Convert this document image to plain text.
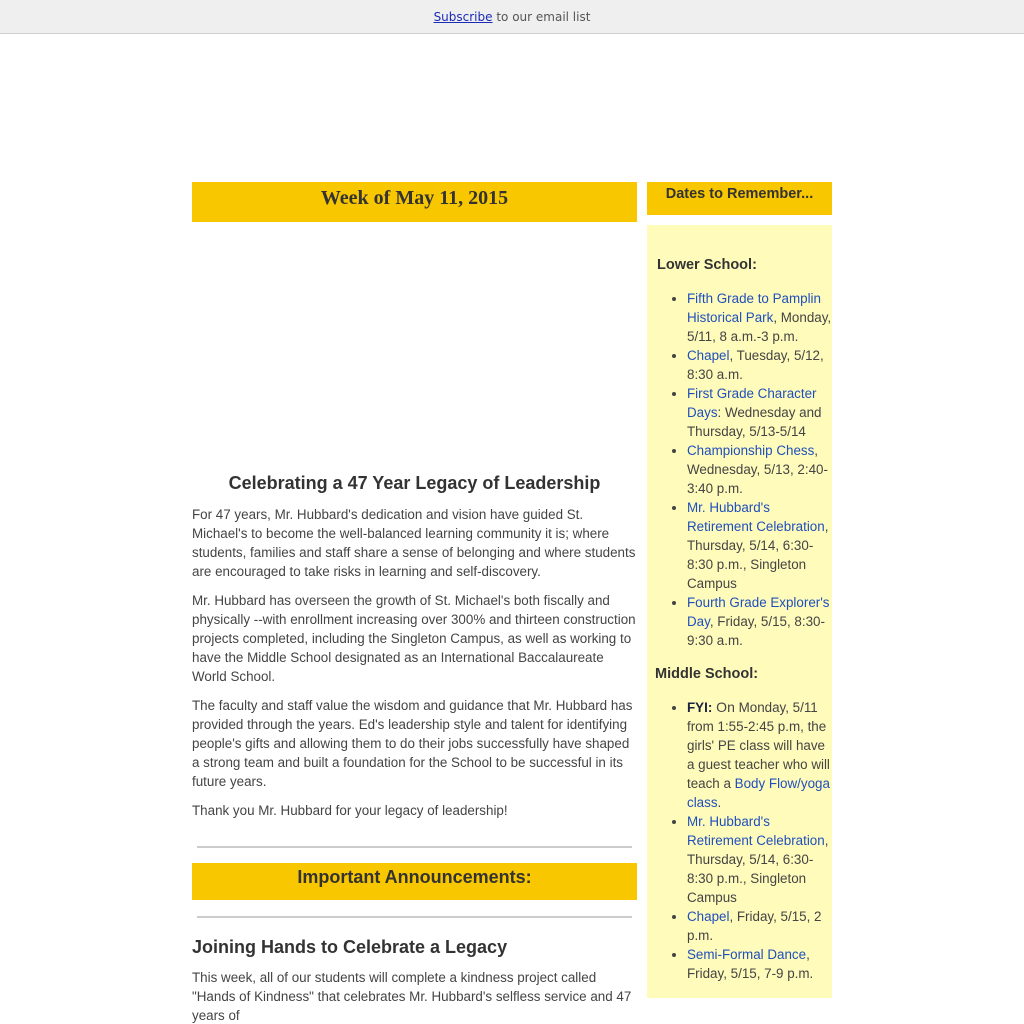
Subscribe to our email list
Week of May 11, 2015
Celebrating a 47 Year Legacy of Leadership

For 47 years, Mr. Hubbard's dedication and vision have guided St. Michael's to become the well-balanced learning community it is; where students, families and staff share a sense of belonging and where students are encouraged to take risks in learning and self-discovery.

Mr. Hubbard has overseen the growth of St. Michael's both fiscally and physically --with enrollment increasing over 300% and thirteen construction projects completed, including the Singleton Campus, as well as working to have the Middle School designated as an International Baccalaureate World School.

The faculty and staff value the wisdom and guidance that Mr. Hubbard has provided through the years. Ed's leadership style and talent for identifying people's gifts and allowing them to do their jobs successfully have shaped a strong team and built a foundation for the School to be successful in its future years.

Thank you Mr. Hubbard for your legacy of leadership!

Important Announcements:
Joining Hands to Celebrate a Legacy

This week, all of our students will complete a kindness project called "Hands of Kindness" that celebrates Mr. Hubbard's selfless service and 47 years of

Dates to Remember...
Lower School:
• Fifth Grade to Pamplin Historical Park, Monday, 5/11, 8 a.m.-3 p.m.
• Chapel, Tuesday, 5/12, 8:30 a.m.
• First Grade Character Days: Wednesday and Thursday, 5/13-5/14
• Championship Chess, Wednesday, 5/13, 2:40-3:40 p.m.
• Mr. Hubbard's Retirement Celebration, Thursday, 5/14, 6:30-8:30 p.m., Singleton Campus
• Fourth Grade Explorer's Day, Friday, 5/15, 8:30-9:30 a.m.
Middle School:
• FYI: On Monday, 5/11 from 1:55-2:45 p.m, the girls' PE class will have a guest teacher who will teach a Body Flow/yoga class.
• Mr. Hubbard's Retirement Celebration, Thursday, 5/14, 6:30-8:30 p.m., Singleton Campus
• Chapel, Friday, 5/15, 2 p.m.
• Semi-Formal Dance, Friday, 5/15, 7-9 p.m.
